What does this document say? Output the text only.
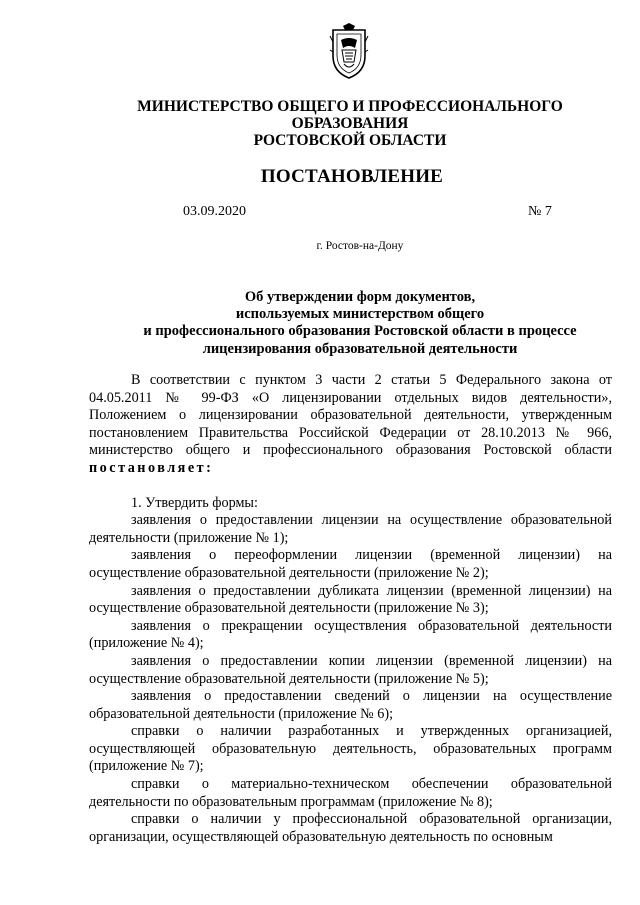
МИНИСТЕРСТВО ОБЩЕГО И ПРОФЕССИОНАЛЬНОГО
ОБРАЗОВАНИЯ
РОСТОВСКОЙ ОБЛАСТИ
ПОСТАНОВЛЕНИЕ
03.09.2020	№ 7
г. Ростов-на-Дону
Об утверждении форм документов,
используемых министерством общего
и профессионального образования Ростовской области в процессе
лицензирования образовательной деятельности

В соответствии с пунктом 3 части 2 статьи 5 Федерального закона от 04.05.2011 № 99-ФЗ «О лицензировании отдельных видов деятельности», Положением о лицензировании образовательной деятельности, утвержденным постановлением Правительства Российской Федерации от 28.10.2013 № 966, министерство общего и профессионального образования Ростовской области постановляет:

1. Утвердить формы:

заявления о предоставлении лицензии на осуществление образовательной деятельности (приложение № 1);

заявления о переоформлении лицензии (временной лицензии) на осуществление образовательной деятельности (приложение № 2);

заявления о предоставлении дубликата лицензии (временной лицензии) на осуществление образовательной деятельности (приложение № 3);

заявления о прекращении осуществления образовательной деятельности (приложение № 4);

заявления о предоставлении копии лицензии (временной лицензии) на осуществление образовательной деятельности (приложение № 5);

заявления о предоставлении сведений о лицензии на осуществление образовательной деятельности (приложение № 6);

справки о наличии разработанных и утвержденных организацией, осуществляющей образовательную деятельность, образовательных программ (приложение № 7);

справки о материально-техническом обеспечении образовательной деятельности по образовательным программам (приложение № 8);

справки о наличии у профессиональной образовательной организации, организации, осуществляющей образовательную деятельность по основным
